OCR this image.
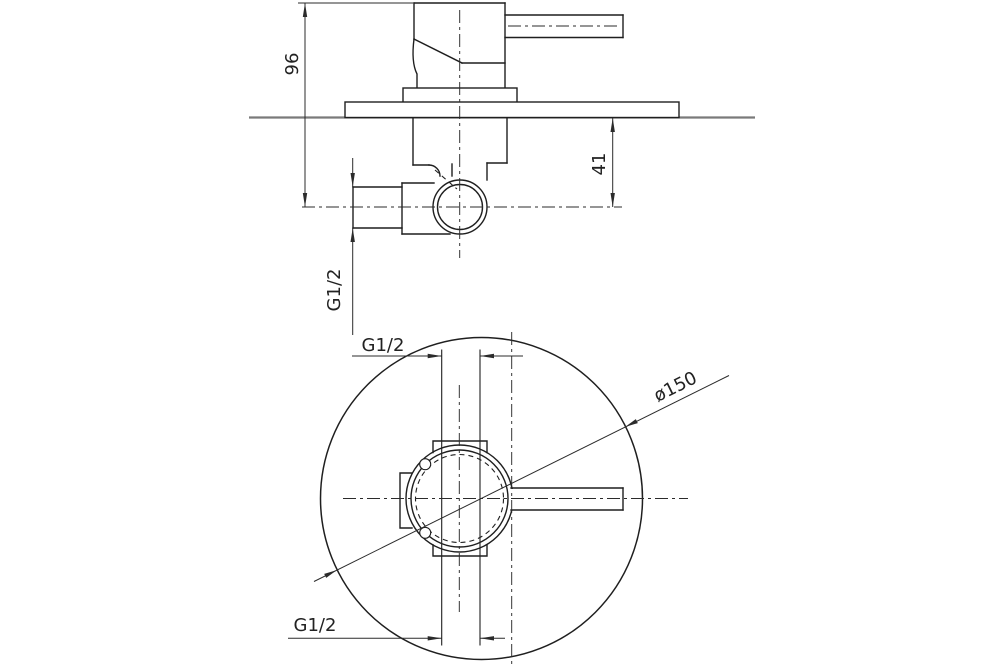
96
41
G1/2
ø150
G1/2
G1/2
